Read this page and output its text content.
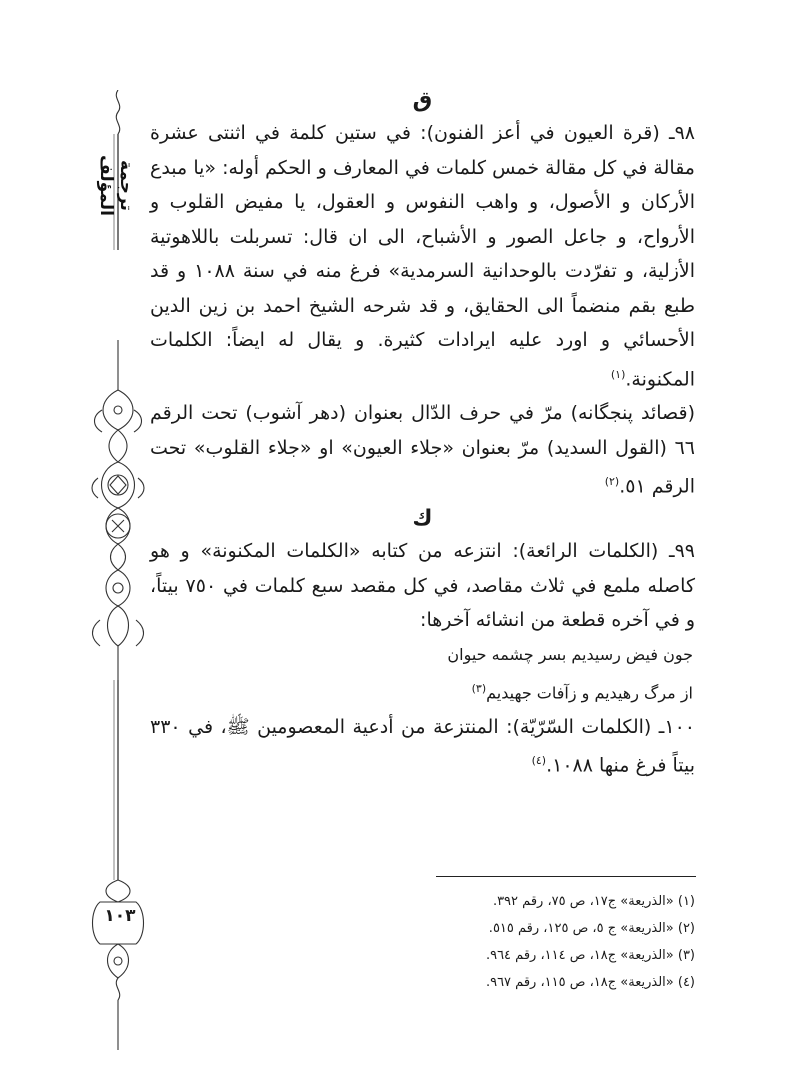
ترجمة المؤلف
١٠٣
ق

٩٨ـ (قرة العيون في أعز الفنون): في ستين كلمة في اثنتى عشرة مقالة في كل مقالة خمس كلمات في المعارف و الحكم أوله: «يا مبدع الأركان و الأصول، و واهب النفوس و العقول، يا مفيض القلوب و الأرواح، و جاعل الصور و الأشباح، الى ان قال: تسربلت باللاهوتية الأزلية، و تفرّدت بالوحدانية السرمدية» فرغ منه في سنة ١٠٨٨ و قد طبع بقم منضماً الى الحقايق، و قد شرحه الشيخ احمد بن زين الدين الأحسائي و اورد عليه ايرادات كثيرة. و يقال له ايضاً: الكلمات المكنونة.$^{(١)}$

(قصائد پنجگانه) مرّ في حرف الدّال بعنوان (دهر آشوب) تحت الرقم ٦٦ (القول السديد) مرّ بعنوان «جلاء العيون» او «جلاء القلوب» تحت الرقم ٥١.$^{(٢)}$

ك

٩٩ـ (الكلمات الرائعة): انتزعه من كتابه «الكلمات المكنونة» و هو كاصله ملمع في ثلاث مقاصد، في كل مقصد سبع كلمات في ٧٥٠ بيتاً، و في آخره قطعة من انشائه آخرها:

جون فيض رسيديم بسر چشمه حيوان

از مرگ رهيديم و زآفات جهيديم$^{(٣)}$

١٠٠ـ (الكلمات السّرّيّة): المنتزعة من أدعية المعصومين ﷺ، في ٣٣٠ بيتاً فرغ منها ١٠٨٨.$^{(٤)}$

(١) «الذريعة» ج١٧، ص ٧٥، رقم ٣٩٢.

(٢) «الذريعة» ج ٥، ص ١٢٥، رقم ٥١٥.

(٣) «الذريعة» ج١٨، ص ١١٤، رقم ٩٦٤.

(٤) «الذريعة» ج١٨، ص ١١٥، رقم ٩٦٧.
